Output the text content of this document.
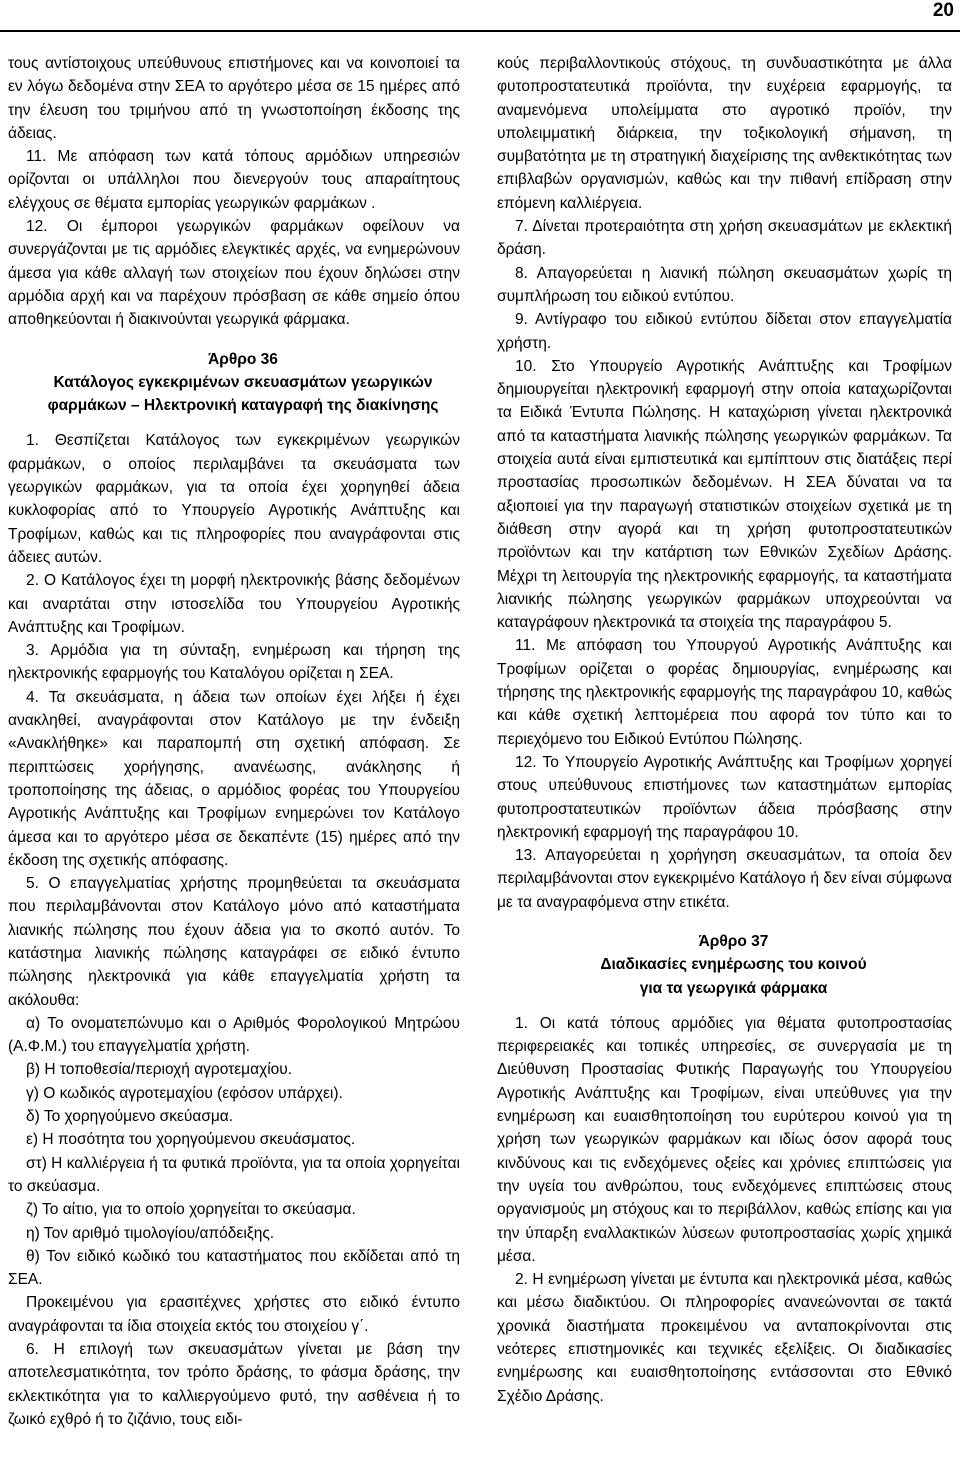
20

τους αντίστοιχους υπεύθυνους επιστήμονες και να κοινοποιεί τα εν λόγω δεδομένα στην ΣΕΑ το αργότερο μέσα σε 15 ημέρες από την έλευση του τριμήνου από τη γνωστοποίηση έκδοσης της άδειας.

11. Με απόφαση των κατά τόπους αρμόδιων υπηρεσιών ορίζονται οι υπάλληλοι που διενεργούν τους απαραίτητους ελέγχους σε θέματα εμπορίας γεωργικών φαρμάκων .

12. Οι έμποροι γεωργικών φαρμάκων οφείλουν να συνεργάζονται με τις αρμόδιες ελεγκτικές αρχές, να ενημερώνουν άμεσα για κάθε αλλαγή των στοιχείων που έχουν δηλώσει στην αρμόδια αρχή και να παρέχουν πρόσβαση σε κάθε σημείο όπου αποθηκεύονται ή διακινούνται γεωργικά φάρμακα.

Άρθρο 36

Κατάλογος εγκεκριμένων σκευασμάτων γεωργικών

φαρμάκων – Ηλεκτρονική καταγραφή της διακίνησης

1. Θεσπίζεται Κατάλογος των εγκεκριμένων γεωργικών φαρμάκων, ο οποίος περιλαμβάνει τα σκευάσματα των γεωργικών φαρμάκων, για τα οποία έχει χορηγηθεί άδεια κυκλοφορίας από το Υπουργείο Αγροτικής Ανάπτυξης και Τροφίμων, καθώς και τις πληροφορίες που αναγράφονται στις άδειες αυτών.

2. Ο Κατάλογος έχει τη μορφή ηλεκτρονικής βάσης δεδομένων και αναρτάται στην ιστοσελίδα του Υπουργείου Αγροτικής Ανάπτυξης και Τροφίμων.

3. Αρμόδια για τη σύνταξη, ενημέρωση και τήρηση της ηλεκτρονικής εφαρμογής του Καταλόγου ορίζεται η ΣΕΑ.

4. Τα σκευάσματα, η άδεια των οποίων έχει λήξει ή έχει ανακληθεί, αναγράφονται στον Κατάλογο με την ένδειξη «Ανακλήθηκε» και παραπομπή στη σχετική απόφαση. Σε περιπτώσεις χορήγησης, ανανέωσης, ανάκλησης ή τροποποίησης της άδειας, ο αρμόδιος φορέας του Υπουργείου Αγροτικής Ανάπτυξης και Τροφίμων ενημερώνει τον Κατάλογο άμεσα και το αργότερο μέσα σε δεκαπέντε (15) ημέρες από την έκδοση της σχετικής απόφασης.

5. Ο επαγγελματίας χρήστης προμηθεύεται τα σκευάσματα που περιλαμβάνονται στον Κατάλογο μόνο από καταστήματα λιανικής πώλησης που έχουν άδεια για το σκοπό αυτόν. Το κατάστημα λιανικής πώλησης καταγράφει σε ειδικό έντυπο πώλησης ηλεκτρονικά για κάθε επαγγελματία χρήστη τα ακόλουθα:

α) Το ονοματεπώνυμο και ο Αριθμός Φορολογικού Μητρώου (Α.Φ.Μ.) του επαγγελματία χρήστη.

β) Η τοποθεσία/περιοχή αγροτεμαχίου.

γ) Ο κωδικός αγροτεμαχίου (εφόσον υπάρχει).

δ) Το χορηγούμενο σκεύασμα.

ε) Η ποσότητα του χορηγούμενου σκευάσματος.

στ) Η καλλιέργεια ή τα φυτικά προϊόντα, για τα οποία χορηγείται το σκεύασμα.

ζ) Το αίτιο, για το οποίο χορηγείται το σκεύασμα.

η) Τον αριθμό τιμολογίου/απόδειξης.

θ) Τον ειδικό κωδικό του καταστήματος που εκδίδεται από τη ΣΕΑ.

Προκειμένου για ερασιτέχνες χρήστες στο ειδικό έντυπο αναγράφονται τα ίδια στοιχεία εκτός του στοιχείου γ΄.

6. Η επιλογή των σκευασμάτων γίνεται με βάση την αποτελεσματικότητα, τον τρόπο δράσης, το φάσμα δράσης, την εκλεκτικότητα για το καλλιεργούμενο φυτό, την ασθένεια ή το ζωικό εχθρό ή το ζιζάνιο, τους ειδι-

κούς περιβαλλοντικούς στόχους, τη συνδυαστικότητα με άλλα φυτοπροστατευτικά προϊόντα, την ευχέρεια εφαρμογής, τα αναμενόμενα υπολείμματα στο αγροτικό προϊόν, την υπολειμματική διάρκεια, την τοξικολογική σήμανση, τη συμβατότητα με τη στρατηγική διαχείρισης της ανθεκτικότητας των επιβλαβών οργανισμών, καθώς και την πιθανή επίδραση στην επόμενη καλλιέργεια.

7. Δίνεται προτεραιότητα στη χρήση σκευασμάτων με εκλεκτική δράση.

8. Απαγορεύεται η λιανική πώληση σκευασμάτων χωρίς τη συμπλήρωση του ειδικού εντύπου.

9. Αντίγραφο του ειδικού εντύπου δίδεται στον επαγγελματία χρήστη.

10. Στο Υπουργείο Αγροτικής Ανάπτυξης και Τροφίμων δημιουργείται ηλεκτρονική εφαρμογή στην οποία καταχωρίζονται τα Ειδικά Έντυπα Πώλησης. Η καταχώριση γίνεται ηλεκτρονικά από τα καταστήματα λιανικής πώλησης γεωργικών φαρμάκων. Τα στοιχεία αυτά είναι εμπιστευτικά και εμπίπτουν στις διατάξεις περί προστασίας προσωπικών δεδομένων. Η ΣΕΑ δύναται να τα αξιοποιεί για την παραγωγή στατιστικών στοιχείων σχετικά με τη διάθεση στην αγορά και τη χρήση φυτοπροστατευτικών προϊόντων και την κατάρτιση των Εθνικών Σχεδίων Δράσης. Μέχρι τη λειτουργία της ηλεκτρονικής εφαρμογής, τα καταστήματα λιανικής πώλησης γεωργικών φαρμάκων υποχρεούνται να καταγράφουν ηλεκτρονικά τα στοιχεία της παραγράφου 5.

11. Με απόφαση του Υπουργού Αγροτικής Ανάπτυξης και Τροφίμων ορίζεται ο φορέας δημιουργίας, ενημέρωσης και τήρησης της ηλεκτρονικής εφαρμογής της παραγράφου 10, καθώς και κάθε σχετική λεπτομέρεια που αφορά τον τύπο και το περιεχόμενο του Ειδικού Εντύπου Πώλησης.

12. Το Υπουργείο Αγροτικής Ανάπτυξης και Τροφίμων χορηγεί στους υπεύθυνους επιστήμονες των καταστημάτων εμπορίας φυτοπροστατευτικών προϊόντων άδεια πρόσβασης στην ηλεκτρονική εφαρμογή της παραγράφου 10.

13. Απαγορεύεται η χορήγηση σκευασμάτων, τα οποία δεν περιλαμβάνονται στον εγκεκριμένο Κατάλογο ή δεν είναι σύμφωνα με τα αναγραφόμενα στην ετικέτα.

Άρθρο 37

Διαδικασίες ενημέρωσης του κοινού

για τα γεωργικά φάρμακα

1. Οι κατά τόπους αρμόδιες για θέματα φυτοπροστασίας περιφερειακές και τοπικές υπηρεσίες, σε συνεργασία με τη Διεύθυνση Προστασίας Φυτικής Παραγωγής του Υπουργείου Αγροτικής Ανάπτυξης και Τροφίμων, είναι υπεύθυνες για την ενημέρωση και ευαισθητοποίηση του ευρύτερου κοινού για τη χρήση των γεωργικών φαρμάκων και ιδίως όσον αφορά τους κινδύνους και τις ενδεχόμενες οξείες και χρόνιες επιπτώσεις για την υγεία του ανθρώπου, τους ενδεχόμενες επιπτώσεις στους οργανισμούς μη στόχους και το περιβάλλον, καθώς επίσης και για την ύπαρξη εναλλακτικών λύσεων φυτοπροστασίας χωρίς χημικά μέσα.

2. Η ενημέρωση γίνεται με έντυπα και ηλεκτρονικά μέσα, καθώς και μέσω διαδικτύου. Οι πληροφορίες ανανεώνονται σε τακτά χρονικά διαστήματα προκειμένου να ανταποκρίνονται στις νεότερες επιστημονικές και τεχνικές εξελίξεις. Οι διαδικασίες ενημέρωσης και ευαισθητοποίησης εντάσσονται στο Εθνικό Σχέδιο Δράσης.
